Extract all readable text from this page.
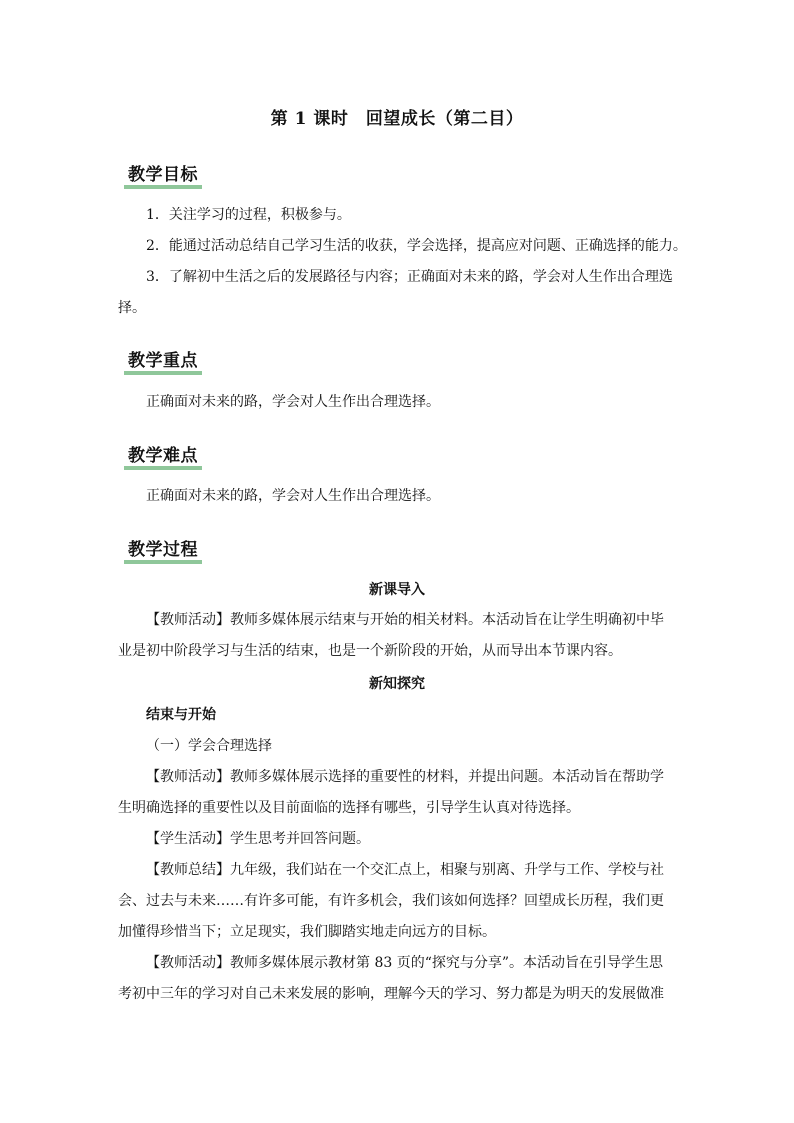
第 1 课时　回望成长（第二目）
教学目标

1．关注学习的过程，积极参与。

2．能通过活动总结自己学习生活的收获，学会选择，提高应对问题、正确选择的能力。

3．了解初中生活之后的发展路径与内容；正确面对未来的路，学会对人生作出合理选择。

教学重点

正确面对未来的路，学会对人生作出合理选择。

教学难点

正确面对未来的路，学会对人生作出合理选择。

教学过程
新课导入

【教师活动】教师多媒体展示结束与开始的相关材料。本活动旨在让学生明确初中毕业是初中阶段学习与生活的结束，也是一个新阶段的开始，从而导出本节课内容。

新知探究

结束与开始

（一）学会合理选择

【教师活动】教师多媒体展示选择的重要性的材料，并提出问题。本活动旨在帮助学生明确选择的重要性以及目前面临的选择有哪些，引导学生认真对待选择。

【学生活动】学生思考并回答问题。

【教师总结】九年级，我们站在一个交汇点上，相聚与别离、升学与工作、学校与社会、过去与未来……有许多可能，有许多机会，我们该如何选择？回望成长历程，我们更加懂得珍惜当下；立足现实，我们脚踏实地走向远方的目标。

【教师活动】教师多媒体展示教材第 83 页的“探究与分享”。本活动旨在引导学生思考初中三年的学习对自己未来发展的影响，理解今天的学习、努力都是为明天的发展做准
